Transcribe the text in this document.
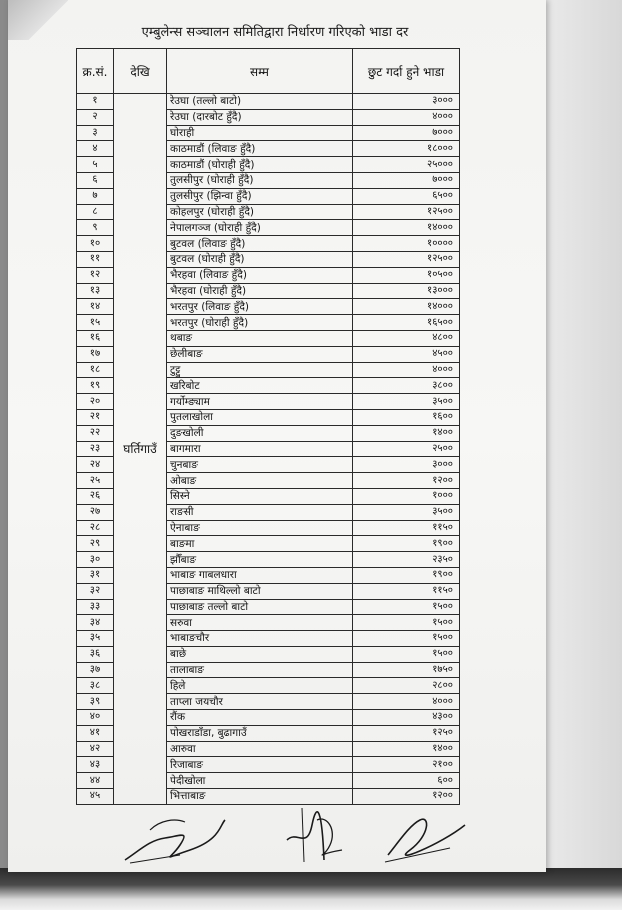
एम्बुलेन्स सञ्चालन समितिद्वारा निर्धारण गरिएको भाडा दर
क्र.सं.	देखि	सम्म	छुट गर्दा हुने भाडा
१	घर्तिगाउँ	रेउघा (तल्लो बाटो)	३०००
२		रेउघा (दारबोट हुँदै)	४०००
३		घोराही	७०००
४		काठमाडौं (लिवाङ हुँदै)	१८०००
५		काठमाडौं (घोराही हुँदै)	२५०००
६		तुलसीपुर (घोराही हुँदै)	७०००
७		तुलसीपुर (झिन्वा हुँदै)	६५००
८		कोहलपुर (घोराही हुँदै)	१२५००
९		नेपालगञ्ज (घोराही हुँदै)	१४०००
१०		बुटवल (लिवाङ हुँदै)	१००००
११		बुटवल (घोराही हुँदै)	१२५००
१२		भैरहवा (लिवाङ हुँदै)	१०५००
१३		भैरहवा (घोराही हुँदै)	१३०००
१४		भरतपुर (लिवाङ हुँदै)	१४०००
१५		भरतपुर (घोराही हुँदै)	१६५००
१६		थबाङ	४८००
१७		छेलीबाङ	४५००
१८		टुट्टु	४०००
१९		खरिबोट	३८००
२०		गर्योम्ङ्याम	३५००
२१		पुतलाखोला	१६००
२२		दुङखोली	१४००
२३		बागमारा	२५००
२४		चुनबाङ	३०००
२५		ओबाङ	१२००
२६		सिस्ने	१०००
२७		राङसी	३५००
२८		ऐनाबाङ	११५०
२९		बाङमा	१९००
३०		झौँबाङ	२३५०
३१		भाबाङ गाबलधारा	१९००
३२		पाछाबाङ माथिल्लो बाटो	११५०
३३		पाछाबाङ तल्लो बाटो	१५००
३४		सरुवा	१५००
३५		भाबाङचौर	१५००
३६		बाछे	१५००
३७		तालाबाङ	१७५०
३८		हिले	२८००
३९		ताप्ला जयचौर	४०००
४०		रौंक	४३००
४१		पोखराडाँडा, बुढागाउँ	१२५०
४२		आरुवा	१४००
४३		रिजाबाङ	२१००
४४		पेदीखोला	६००
४५		भित्ताबाङ	१२००
